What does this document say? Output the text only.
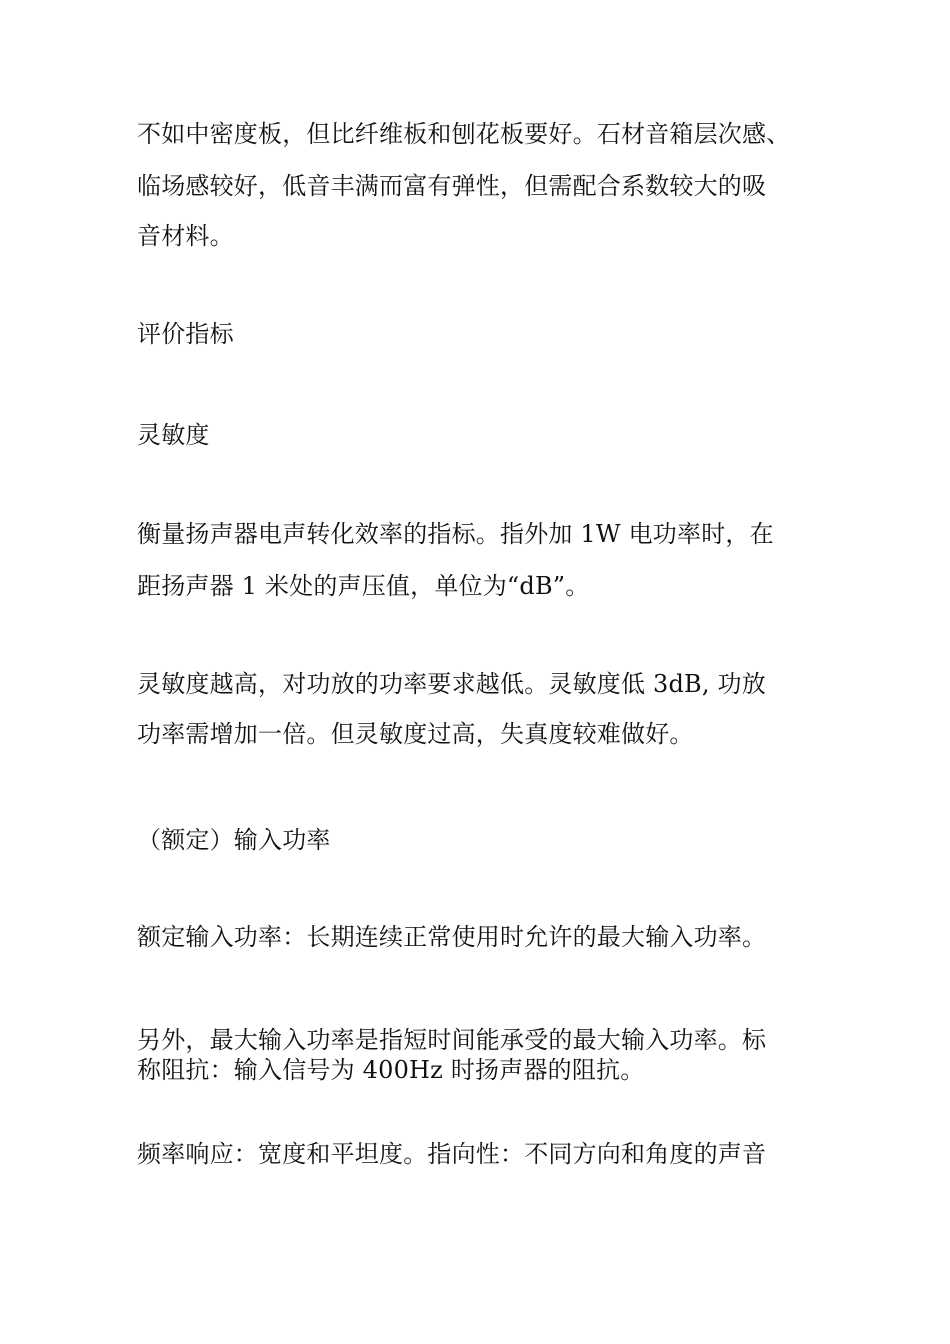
不如中密度板，但比纤维板和刨花板要好。石材音箱层次感、
临场感较好，低音丰满而富有弹性，但需配合系数较大的吸
音材料。
评价指标
灵敏度
衡量扬声器电声转化效率的指标。指外加 1W 电功率时，在
距扬声器 1 米处的声压值，单位为“dB”。
灵敏度越高，对功放的功率要求越低。灵敏度低 3dB, 功放
功率需增加一倍。但灵敏度过高，失真度较难做好。
（额定）输入功率
额定输入功率：长期连续正常使用时允许的最大输入功率。
另外，最大输入功率是指短时间能承受的最大输入功率。标
称阻抗：输入信号为 400Hz 时扬声器的阻抗。
频率响应：宽度和平坦度。指向性：不同方向和角度的声音
